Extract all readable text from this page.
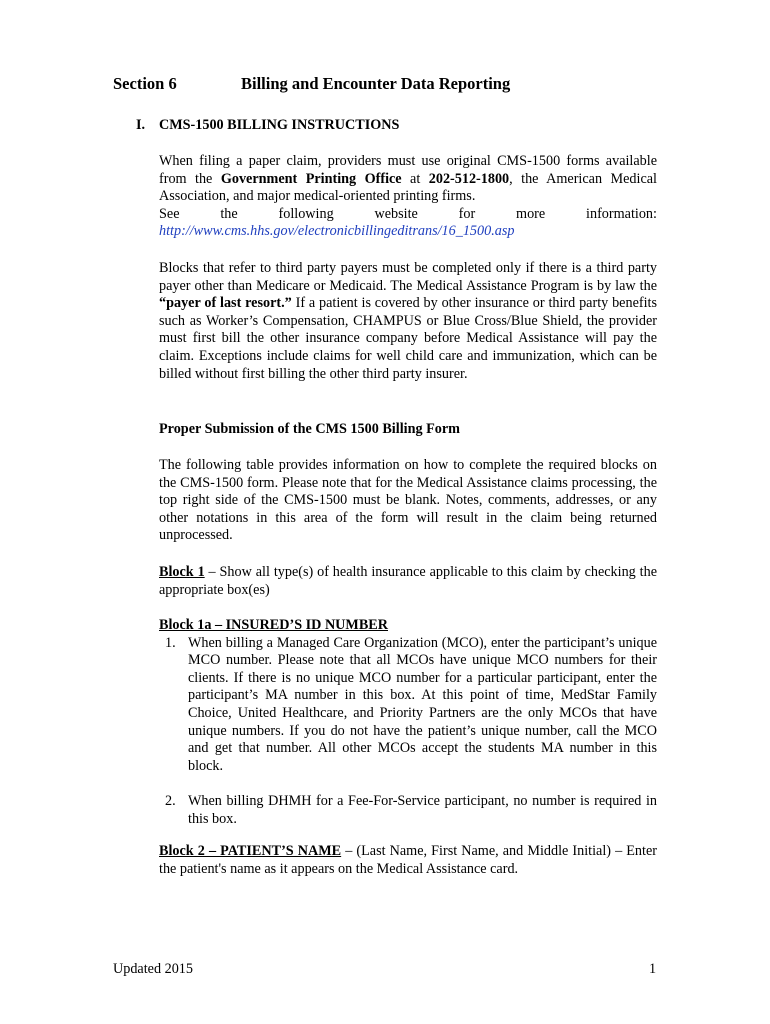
Section 6	Billing and Encounter Data Reporting
I. CMS-1500 BILLING INSTRUCTIONS

When filing a paper claim, providers must use original CMS-1500 forms available from the Government Printing Office at 202-512-1800, the American Medical Association, and major medical-oriented printing firms.

See	the	following	website	for	more	information:
http://www.cms.hhs.gov/electronicbillingeditrans/16_1500.asp

Blocks that refer to third party payers must be completed only if there is a third party payer other than Medicare or Medicaid. The Medical Assistance Program is by law the “payer of last resort.” If a patient is covered by other insurance or third party benefits such as Worker’s Compensation, CHAMPUS or Blue Cross/Blue Shield, the provider must first bill the other insurance company before Medical Assistance will pay the claim. Exceptions include claims for well child care and immunization, which can be billed without first billing the other third party insurer.

Proper Submission of the CMS 1500 Billing Form

The following table provides information on how to complete the required blocks on the CMS-1500 form. Please note that for the Medical Assistance claims processing, the top right side of the CMS-1500 must be blank. Notes, comments, addresses, or any other notations in this area of the form will result in the claim being returned unprocessed.

Block 1 – Show all type(s) of health insurance applicable to this claim by checking the appropriate box(es)

Block 1a – INSURED’S ID NUMBER
1. When billing a Managed Care Organization (MCO), enter the participant’s unique MCO number. Please note that all MCOs have unique MCO numbers for their clients. If there is no unique MCO number for a particular participant, enter the participant’s MA number in this box. At this point of time, MedStar Family Choice, United Healthcare, and Priority Partners are the only MCOs that have unique numbers. If you do not have the patient’s unique number, call the MCO and get that number. All other MCOs accept the students MA number in this block.
2. When billing DHMH for a Fee-For-Service participant, no number is required in this box.

Block 2 – PATIENT’S NAME – (Last Name, First Name, and Middle Initial) – Enter the patient's name as it appears on the Medical Assistance card.

Updated 2015	1
